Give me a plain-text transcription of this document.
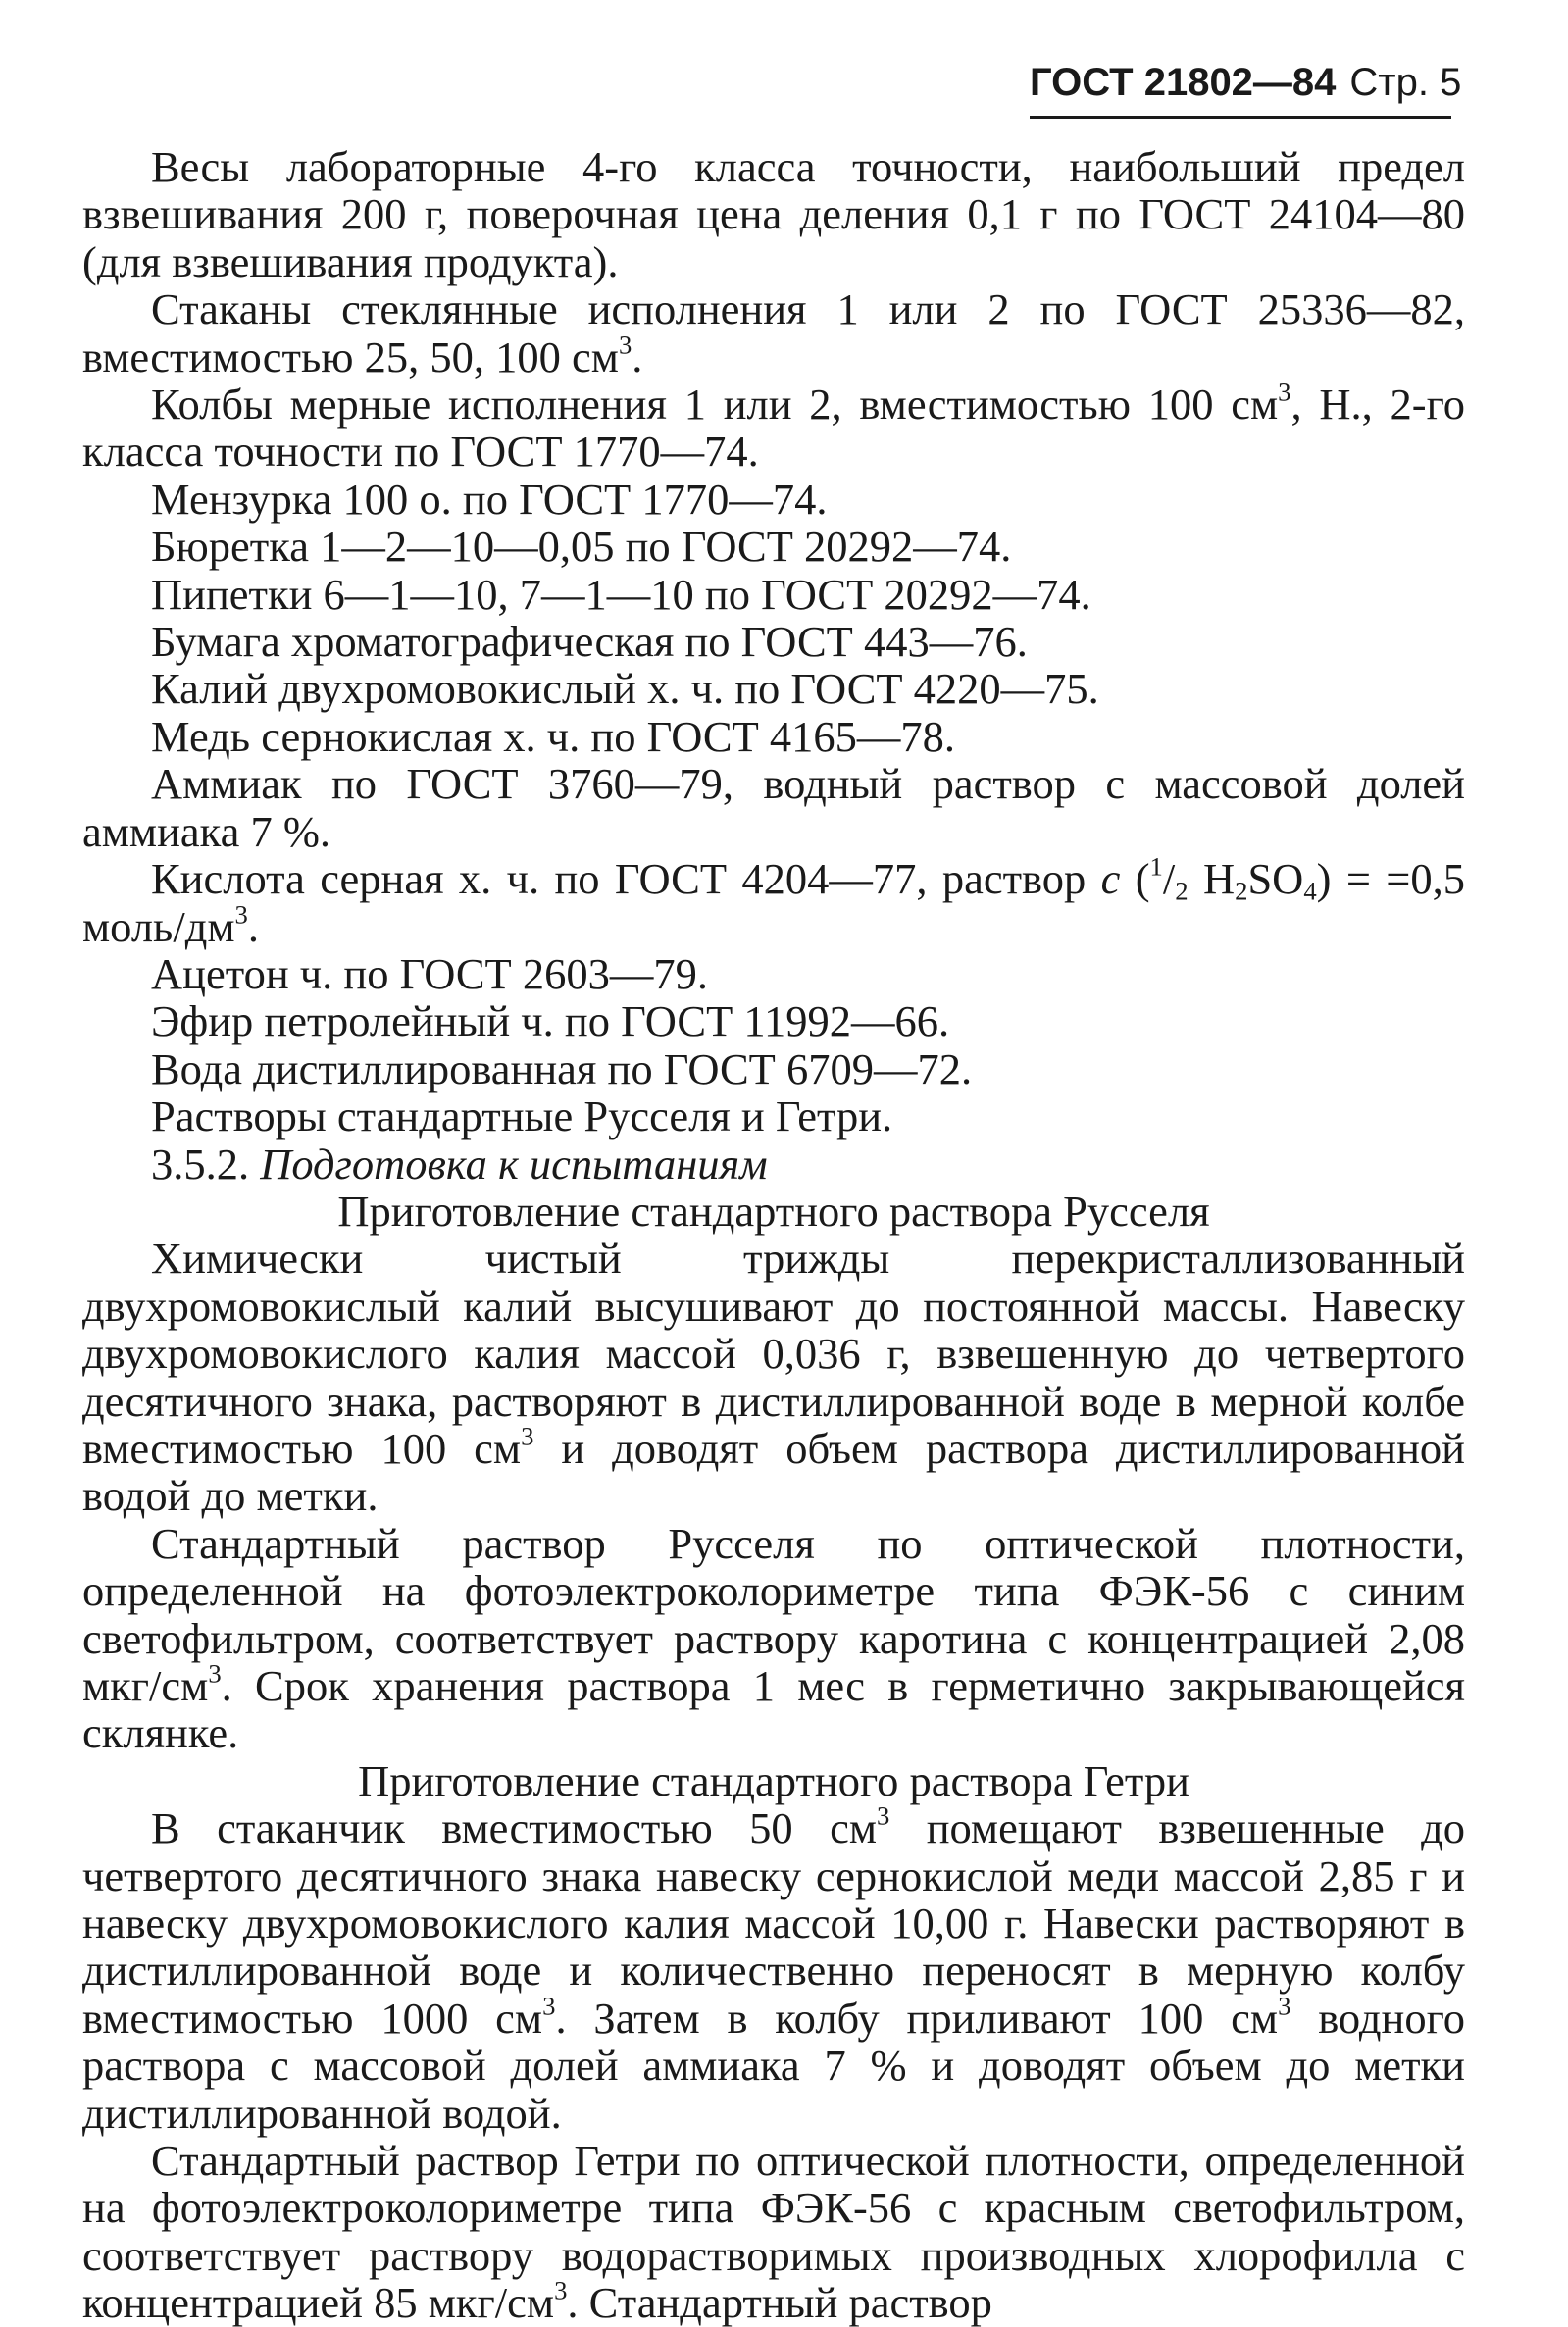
ГОСТ 21802—84 Стр. 5

Весы лабораторные 4-го класса точности, наибольший предел взвешивания 200 г, поверочная цена деления 0,1 г по ГОСТ 24104—80 (для взвешивания продукта).

Стаканы стеклянные исполнения 1 или 2 по ГОСТ 25336—82, вместимостью 25, 50, 100 $см^3$.

Колбы мерные исполнения 1 или 2, вместимостью 100 $см^3$, Н., 2-го класса точности по ГОСТ 1770—74.

Мензурка 100 о. по ГОСТ 1770—74.

Бюретка 1—2—10—0,05 по ГОСТ 20292—74.

Пипетки 6—1—10, 7—1—10 по ГОСТ 20292—74.

Бумага хроматографическая по ГОСТ 443—76.

Калий двухромовокислый х. ч. по ГОСТ 4220—75.

Медь сернокислая х. ч. по ГОСТ 4165—78.

Аммиак по ГОСТ 3760—79, водный раствор с массовой долей аммиака 7 %.

Кислота серная х. ч. по ГОСТ 4204—77, раствор с ($^1/_2$ $H_2SO_4) = =0,5$ моль/$дм^3$.

Ацетон ч. по ГОСТ 2603—79.

Эфир петролейный ч. по ГОСТ 11992—66.

Вода дистиллированная по ГОСТ 6709—72.

Растворы стандартные Русселя и Гетри.

3.5.2. Подготовка к испытаниям

Приготовление стандартного раствора Русселя

Химически чистый трижды перекристаллизованный двухромовокислый калий высушивают до постоянной массы. Навеску двухромовокислого калия массой 0,036 г, взвешенную до четвертого десятичного знака, растворяют в дистиллированной воде в мерной колбе вместимостью 100 $см^3$ и доводят объем раствора дистиллированной водой до метки.

Стандартный раствор Русселя по оптической плотности, определенной на фотоэлектроколориметре типа ФЭК-56 с синим светофильтром, соответствует раствору каротина с концентрацией 2,08 мкг/$см^3$. Срок хранения раствора 1 мес в герметично закрывающейся склянке.

Приготовление стандартного раствора Гетри

В стаканчик вместимостью 50 $см^3$ помещают взвешенные до четвертого десятичного знака навеску сернокислой меди массой 2,85 г и навеску двухромовокислого калия массой 10,00 г. Навески растворяют в дистиллированной воде и количественно переносят в мерную колбу вместимостью 1000 $см^3$. Затем в колбу приливают 100 $см^3$ водного раствора с массовой долей аммиака 7 % и доводят объем до метки дистиллированной водой.

Стандартный раствор Гетри по оптической плотности, определенной на фотоэлектроколориметре типа ФЭК-56 с красным светофильтром, соответствует раствору водорастворимых производных хлорофилла с концентрацией 85 мкг/$см^3$. Стандартный раствор
